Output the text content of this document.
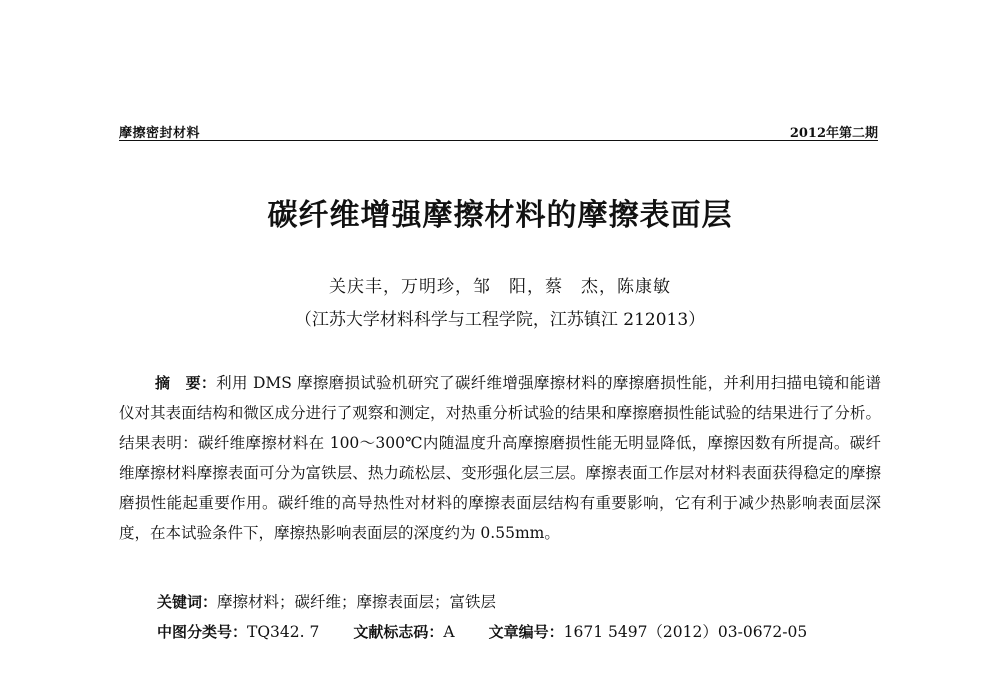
摩擦密封材料	2012年第二期
碳纤维增强摩擦材料的摩擦表面层
关庆丰，万明珍，邹　阳，蔡　杰，陈康敏
（江苏大学材料科学与工程学院，江苏镇江 212013）
摘　要：利用 DMS 摩擦磨损试验机研究了碳纤维增强摩擦材料的摩擦磨损性能，并利用扫描电镜和能谱仪对其表面结构和微区成分进行了观察和测定，对热重分析试验的结果和摩擦磨损性能试验的结果进行了分析。结果表明：碳纤维摩擦材料在 100～300℃内随温度升高摩擦磨损性能无明显降低，摩擦因数有所提高。碳纤维摩擦材料摩擦表面可分为富铁层、热力疏松层、变形强化层三层。摩擦表面工作层对材料表面获得稳定的摩擦磨损性能起重要作用。碳纤维的高导热性对材料的摩擦表面层结构有重要影响，它有利于减少热影响表面层深度，在本试验条件下，摩擦热影响表面层的深度约为 0.55mm。
关键词：摩擦材料；碳纤维；摩擦表面层；富铁层
中图分类号：TQ342. 7 文献标志码：A 文章编号：1671 5497（2012）03-0672-05
